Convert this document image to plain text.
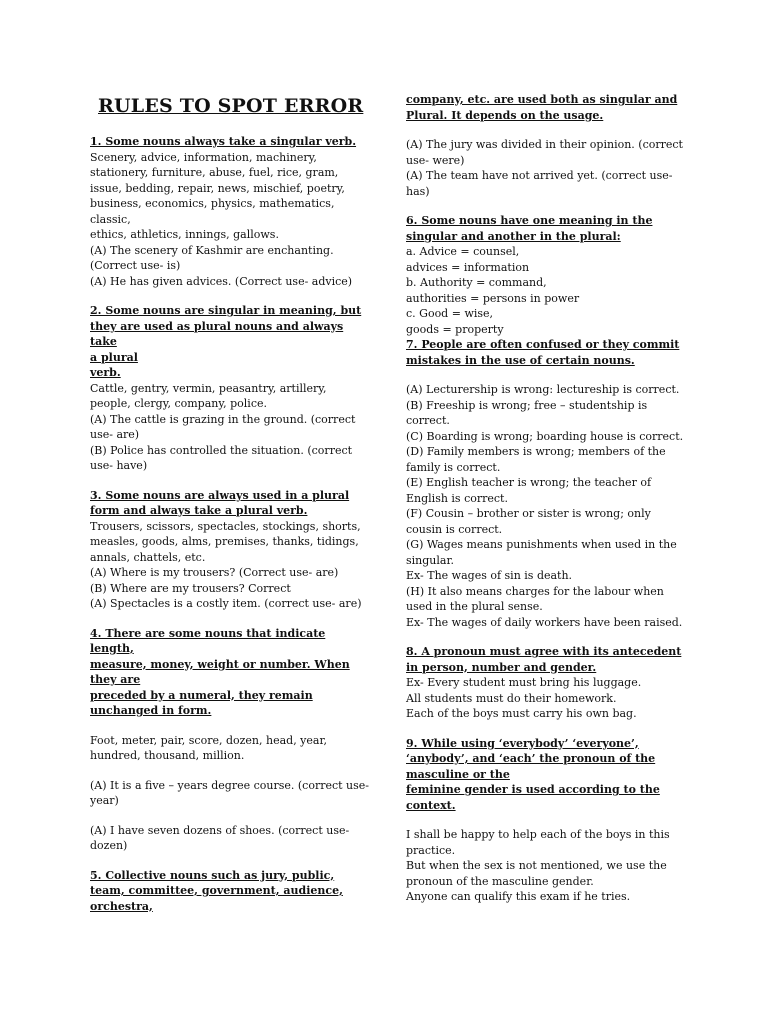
RULES TO SPOT ERROR
1. Some nouns always take a singular verb.
Scenery, advice, information, machinery,
stationery, furniture, abuse, fuel, rice, gram,
issue, bedding, repair, news, mischief, poetry,
business, economics, physics, mathematics,
classic,
ethics, athletics, innings, gallows.
(A) The scenery of Kashmir are enchanting.
(Correct use- is)
(A) He has given advices. (Correct use- advice)
2. Some nouns are singular in meaning, but
they are used as plural nouns and always take
a plural
verb.
Cattle, gentry, vermin, peasantry, artillery,
people, clergy, company, police.
(A) The cattle is grazing in the ground. (correct
use- are)
(B) Police has controlled the situation. (correct
use- have)
3. Some nouns are always used in a plural
form and always take a plural verb.
Trousers, scissors, spectacles, stockings, shorts,
measles, goods, alms, premises, thanks, tidings,
annals, chattels, etc.
(A) Where is my trousers? (Correct use- are)
(B) Where are my trousers? Correct
(A) Spectacles is a costly item. (correct use- are)
4. There are some nouns that indicate length,
measure, money, weight or number. When
they are
preceded by a numeral, they remain
unchanged in form.
Foot, meter, pair, score, dozen, head, year,
hundred, thousand, million.
(A) It is a five – years degree course. (correct use-
year)
(A) I have seven dozens of shoes. (correct use-
dozen)
5. Collective nouns such as jury, public,
team, committee, government, audience,
orchestra,
company, etc. are used both as singular and
Plural. It depends on the usage.
(A) The jury was divided in their opinion. (correct
use- were)
(A) The team have not arrived yet. (correct use-
has)
6. Some nouns have one meaning in the
singular and another in the plural:
a. Advice = counsel,
advices = information
b. Authority = command,
authorities = persons in power
c. Good = wise,
goods = property
7. People are often confused or they commit
mistakes in the use of certain nouns.
(A) Lecturership is wrong: lectureship is correct.
(B) Freeship is wrong; free – studentship is
correct.
(C) Boarding is wrong; boarding house is correct.
(D) Family members is wrong; members of the
family is correct.
(E) English teacher is wrong; the teacher of
English is correct.
(F) Cousin – brother or sister is wrong; only
cousin is correct.
(G) Wages means punishments when used in the
singular.
Ex- The wages of sin is death.
(H) It also means charges for the labour when
used in the plural sense.
Ex- The wages of daily workers have been raised.
8. A pronoun must agree with its antecedent
in person, number and gender.
Ex- Every student must bring his luggage.
All students must do their homework.
Each of the boys must carry his own bag.
9. While using ‘everybody’ ‘everyone’,
‘anybody’, and ‘each’ the pronoun of the
masculine or the
feminine gender is used according to the
context.
I shall be happy to help each of the boys in this
practice.
But when the sex is not mentioned, we use the
pronoun of the masculine gender.
Anyone can qualify this exam if he tries.
